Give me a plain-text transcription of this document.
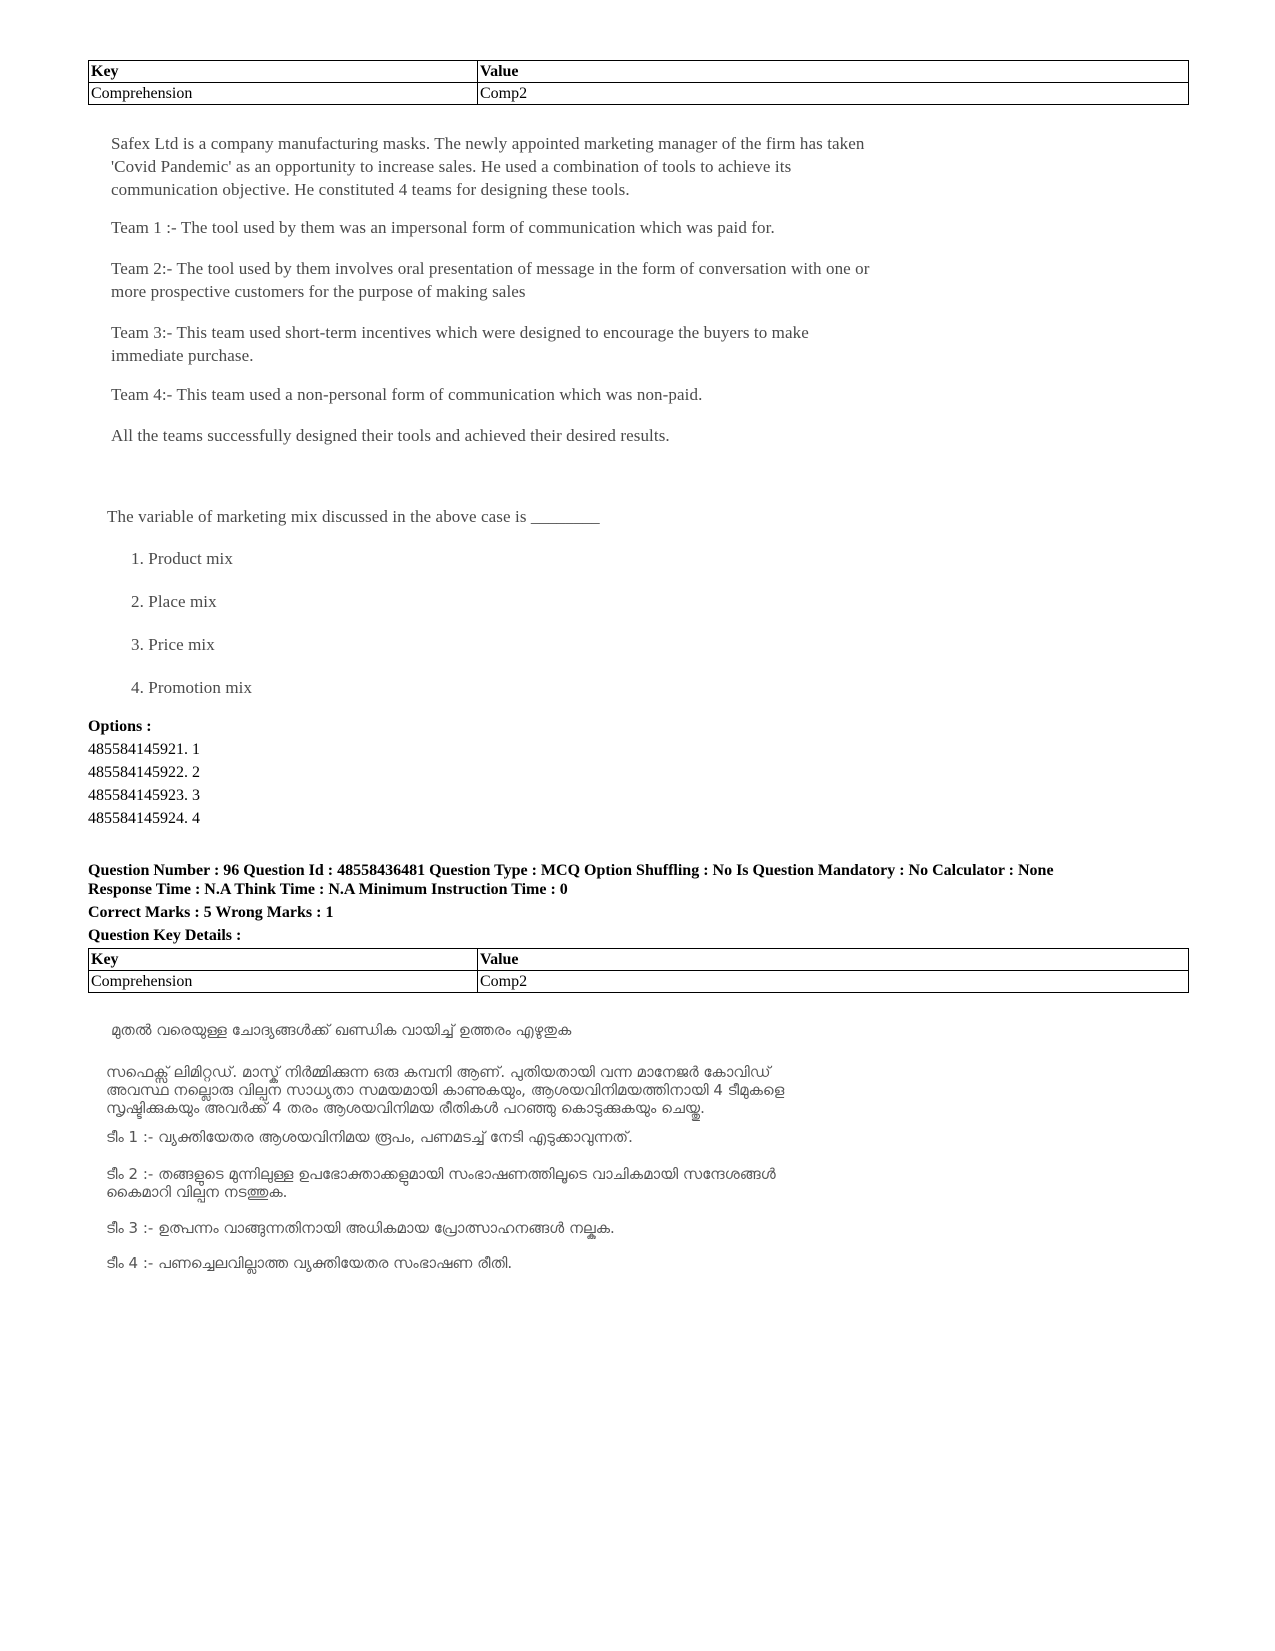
Key	Value
Comprehension	Comp2

Safex Ltd is a company manufacturing masks. The newly appointed marketing manager of the firm has taken

'Covid Pandemic' as an opportunity to increase sales. He used a combination of tools to achieve its

communication objective. He constituted 4 teams for designing these tools.

Team 1 :- The tool used by them was an impersonal form of communication which was paid for.

Team 2:- The tool used by them involves oral presentation of message in the form of conversation with one or

more prospective customers for the purpose of making sales

Team 3:- This team used short-term incentives which were designed to encourage the buyers to make

immediate purchase.

Team 4:- This team used a non-personal form of communication which was non-paid.

All the teams successfully designed their tools and achieved their desired results.

The variable of marketing mix discussed in the above case is ________

1. Product mix

2. Place mix

3. Price mix

4. Promotion mix

Options :
485584145921. 1
485584145922. 2
485584145923. 3
485584145924. 4
Question Number : 96 Question Id : 48558436481 Question Type : MCQ Option Shuffling : No Is Question Mandatory : No Calculator : None
Response Time : N.A Think Time : N.A Minimum Instruction Time : 0
Correct Marks : 5 Wrong Marks : 1
Question Key Details :
Key	Value
Comprehension	Comp2

മുതൽ വരെയുള്ള ചോദ്യങ്ങൾക്ക് ഖണ്ഡിക വായിച്ച് ഉത്തരം എഴുതുക

സഫെക്സ് ലിമിറ്റഡ്. മാസ്ക് നിർമ്മിക്കുന്ന ഒരു കമ്പനി ആണ്. പുതിയതായി വന്ന മാനേജർ കോവിഡ്

അവസ്ഥ നല്ലൊരു വില്പന സാധ്യതാ സമയമായി കാണുകയും, ആശയവിനിമയത്തിനായി 4 ടീമുകളെ

സൃഷ്ടിക്കുകയും അവർക്ക് 4 തരം ആശയവിനിമയ രീതികൾ പറഞ്ഞു കൊടുക്കുകയും ചെയ്തു.

ടീം 1 :- വ്യക്തിയേതര ആശയവിനിമയ രൂപം, പണമടച്ച് നേടി എടുക്കാവുന്നത്.

ടീം 2 :- തങ്ങളുടെ മുന്നിലുള്ള ഉപഭോക്താക്കളുമായി സംഭാഷണത്തിലൂടെ വാചികമായി സന്ദേശങ്ങൾ

കൈമാറി വില്പന നടത്തുക.

ടീം 3 :- ഉത്പന്നം വാങ്ങുന്നതിനായി അധികമായ പ്രോത്സാഹനങ്ങൾ നല്കുക.

ടീം 4 :- പണച്ചെലവില്ലാത്ത വ്യക്തിയേതര സംഭാഷണ രീതി.
